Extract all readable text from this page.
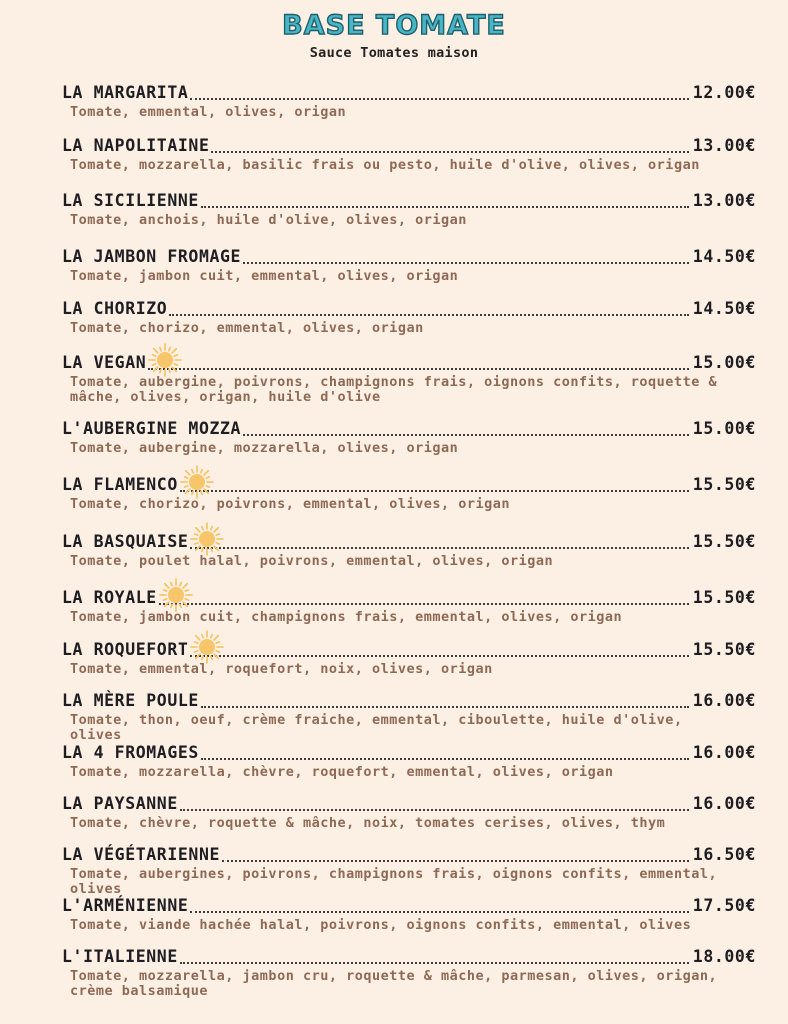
BASE TOMATE
Sauce Tomates maison
LA MARGARITA	12.00€
Tomate, emmental, olives, origan
LA NAPOLITAINE	13.00€
Tomate, mozzarella, basilic frais ou pesto, huile d'olive, olives, origan
LA SICILIENNE	13.00€
Tomate, anchois, huile d'olive, olives, origan
LA JAMBON FROMAGE	14.50€
Tomate, jambon cuit, emmental, olives, origan
LA CHORIZO	14.50€
Tomate, chorizo, emmental, olives, origan
LA VEGAN	15.00€
Tomate, aubergine, poivrons, champignons frais, oignons confits, roquette & mâche, olives, origan, huile d'olive
L'AUBERGINE MOZZA	15.00€
Tomate, aubergine, mozzarella, olives, origan
LA FLAMENCO	15.50€
Tomate, chorizo, poivrons, emmental, olives, origan
LA BASQUAISE	15.50€
Tomate, poulet halal, poivrons, emmental, olives, origan
LA ROYALE	15.50€
Tomate, jambon cuit, champignons frais, emmental, olives, origan
LA ROQUEFORT	15.50€
Tomate, emmental, roquefort, noix, olives, origan
LA MÈRE POULE	16.00€
Tomate, thon, oeuf, crème fraiche, emmental, ciboulette, huile d'olive, olives
LA 4 FROMAGES	16.00€
Tomate, mozzarella, chèvre, roquefort, emmental, olives, origan
LA PAYSANNE	16.00€
Tomate, chèvre, roquette & mâche, noix, tomates cerises, olives, thym
LA VÉGÉTARIENNE	16.50€
Tomate, aubergines, poivrons, champignons frais, oignons confits, emmental, olives
L'ARMÉNIENNE	17.50€
Tomate, viande hachée halal, poivrons, oignons confits, emmental, olives
L'ITALIENNE	18.00€
Tomate, mozzarella, jambon cru, roquette & mâche, parmesan, olives, origan, crème balsamique
